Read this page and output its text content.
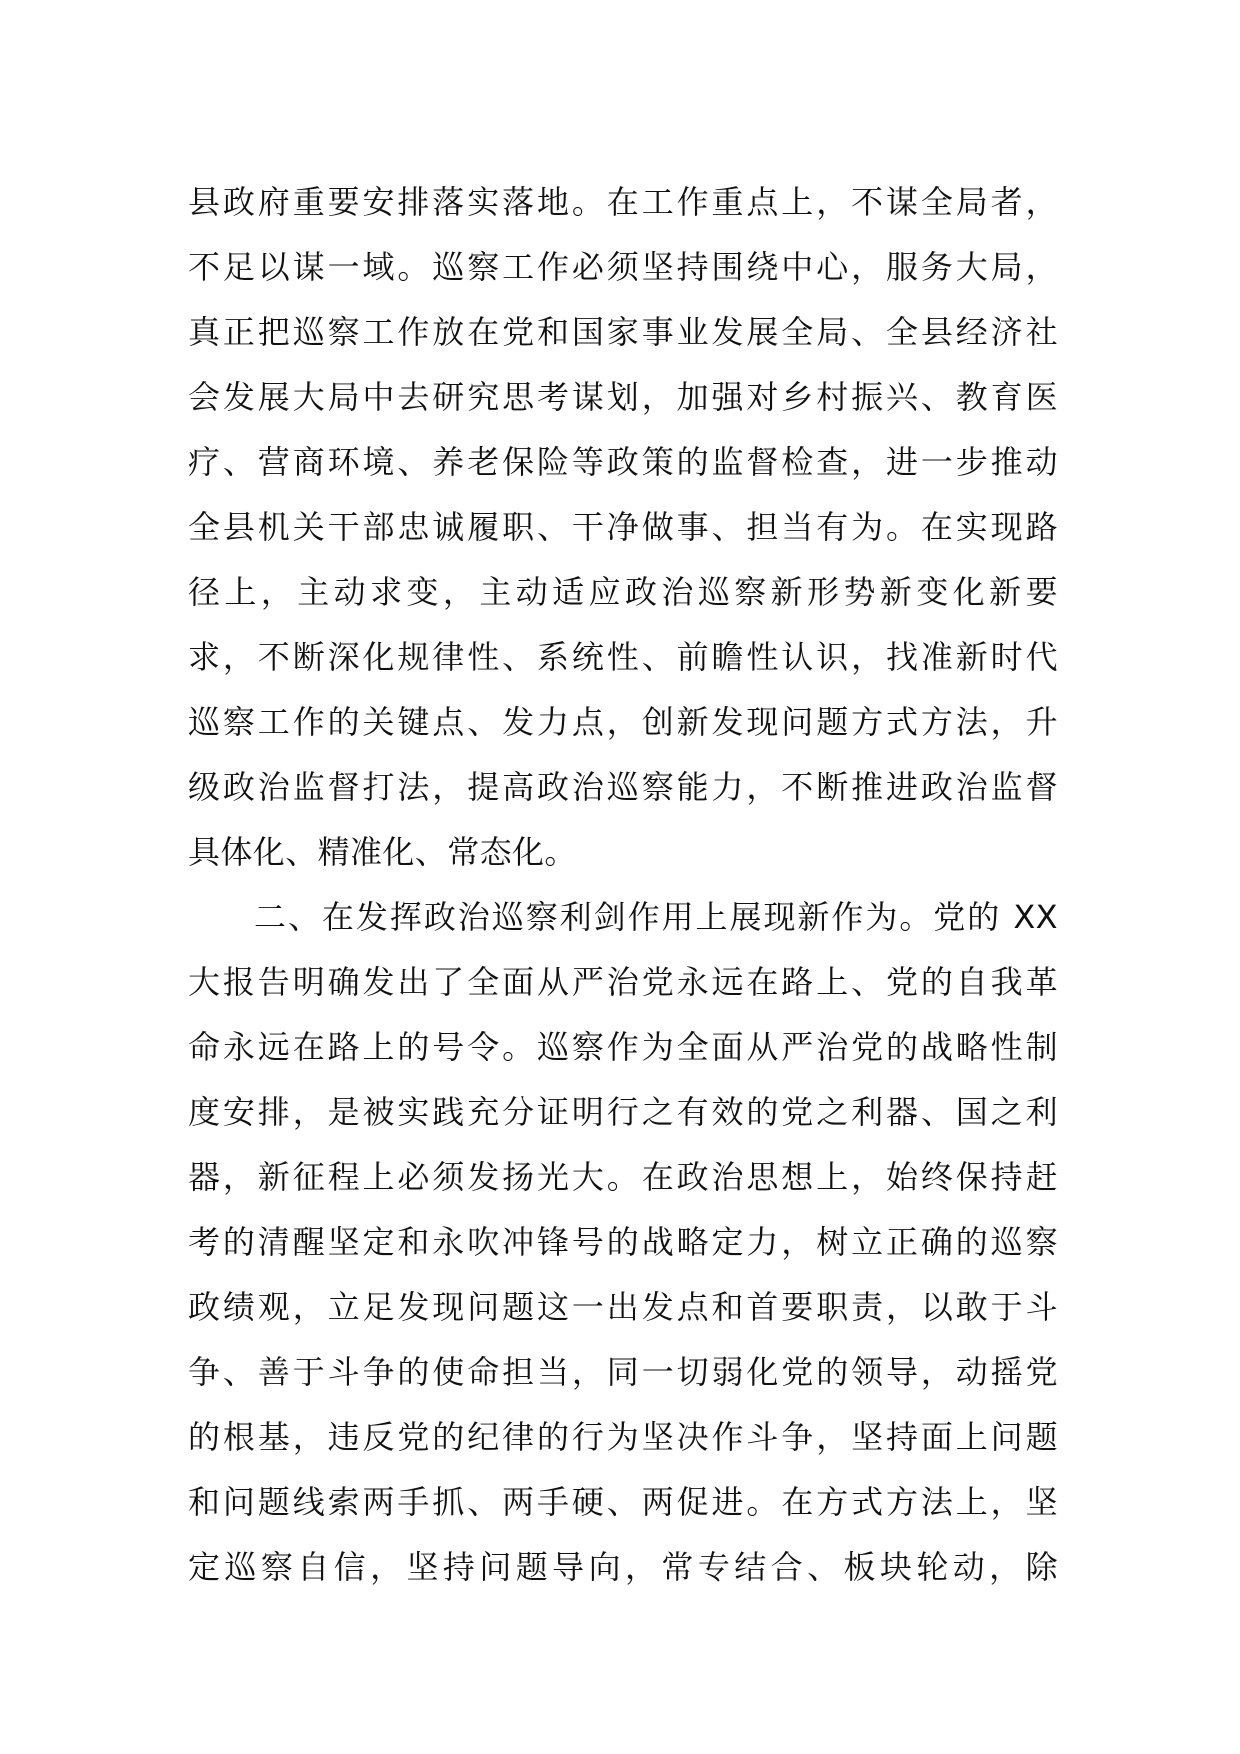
县政府重要安排落实落地。在工作重点上，不谋全局者，
不足以谋一域。巡察工作必须坚持围绕中心，服务大局，
真正把巡察工作放在党和国家事业发展全局、全县经济社
会发展大局中去研究思考谋划，加强对乡村振兴、教育医
疗、营商环境、养老保险等政策的监督检查，进一步推动
全县机关干部忠诚履职、干净做事、担当有为。在实现路
径上，主动求变，主动适应政治巡察新形势新变化新要
求，不断深化规律性、系统性、前瞻性认识，找准新时代
巡察工作的关键点、发力点，创新发现问题方式方法，升
级政治监督打法，提高政治巡察能力，不断推进政治监督
具体化、精准化、常态化。
二、在发挥政治巡察利剑作用上展现新作为。党的 XX
大报告明确发出了全面从严治党永远在路上、党的自我革
命永远在路上的号令。巡察作为全面从严治党的战略性制
度安排，是被实践充分证明行之有效的党之利器、国之利
器，新征程上必须发扬光大。在政治思想上，始终保持赶
考的清醒坚定和永吹冲锋号的战略定力，树立正确的巡察
政绩观，立足发现问题这一出发点和首要职责，以敢于斗
争、善于斗争的使命担当，同一切弱化党的领导，动摇党
的根基，违反党的纪律的行为坚决作斗争，坚持面上问题
和问题线索两手抓、两手硬、两促进。在方式方法上，坚
定巡察自信，坚持问题导向，常专结合、板块轮动，除
